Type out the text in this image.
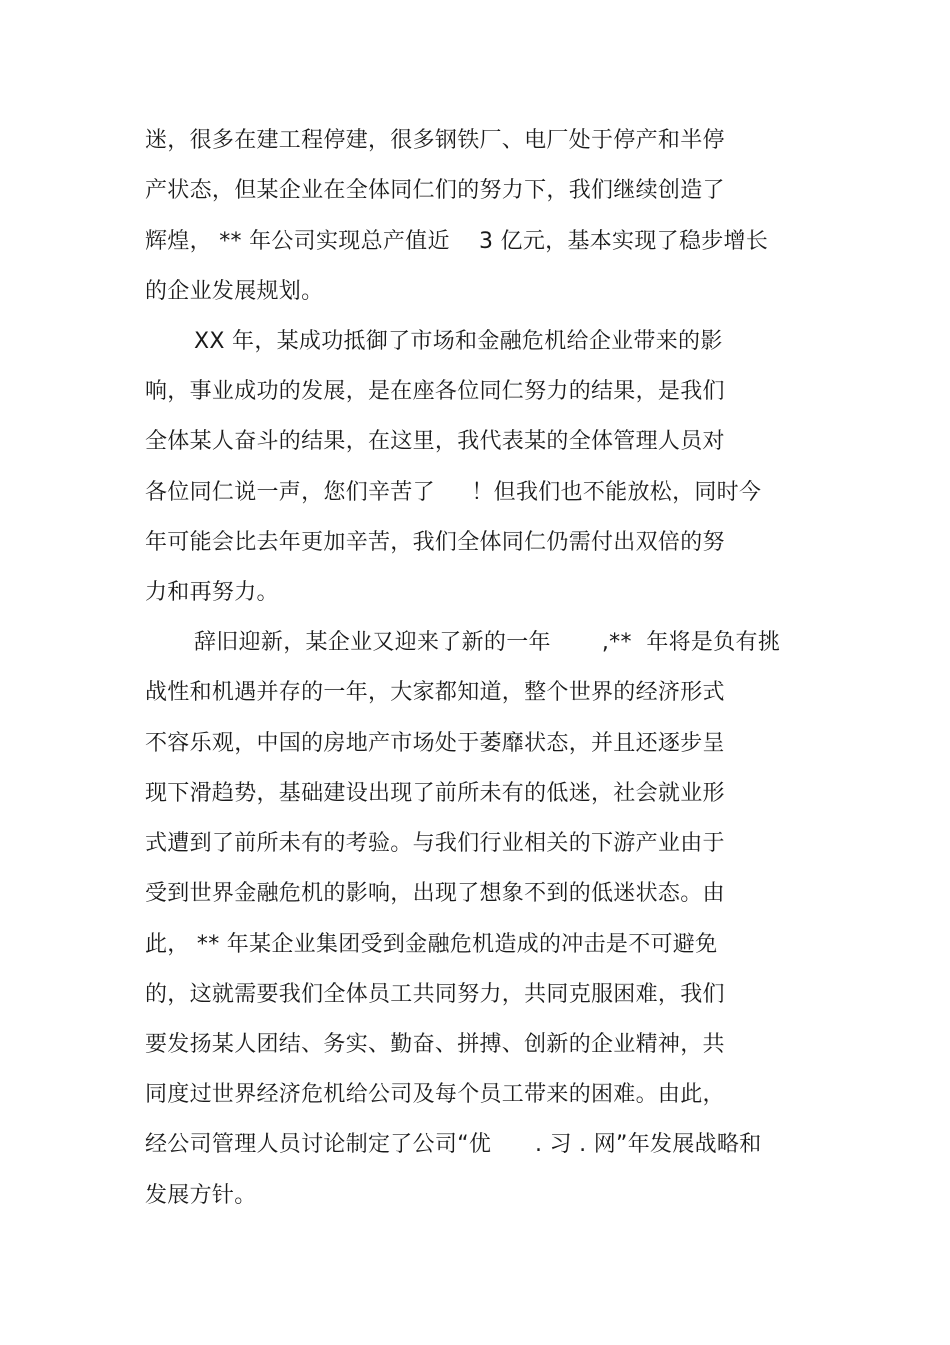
迷，很多在建工程停建，很多钢铁厂、电厂处于停产和半停
产状态，但某企业在全体同仁们的努力下，我们继续创造了
辉煌， ** 年公司实现总产值近    3 亿元，基本实现了稳步增长
的企业发展规划。
XX 年，某成功抵御了市场和金融危机给企业带来的影
响，事业成功的发展，是在座各位同仁努力的结果，是我们
全体某人奋斗的结果，在这里，我代表某的全体管理人员对
各位同仁说一声，您们辛苦了     ！但我们也不能放松，同时今
年可能会比去年更加辛苦，我们全体同仁仍需付出双倍的努
力和再努力。
辞旧迎新，某企业又迎来了新的一年       ,**  年将是负有挑
战性和机遇并存的一年，大家都知道，整个世界的经济形式
不容乐观，中国的房地产市场处于萎靡状态，并且还逐步呈
现下滑趋势，基础建设出现了前所未有的低迷，社会就业形
式遭到了前所未有的考验。与我们行业相关的下游产业由于
受到世界金融危机的影响，出现了想象不到的低迷状态。由
此， ** 年某企业集团受到金融危机造成的冲击是不可避免
的，这就需要我们全体员工共同努力，共同克服困难，我们
要发扬某人团结、务实、勤奋、拼搏、创新的企业精神，共
同度过世界经济危机给公司及每个员工带来的困难。由此，
经公司管理人员讨论制定了公司“优      . 习 . 网”年发展战略和
发展方针。
